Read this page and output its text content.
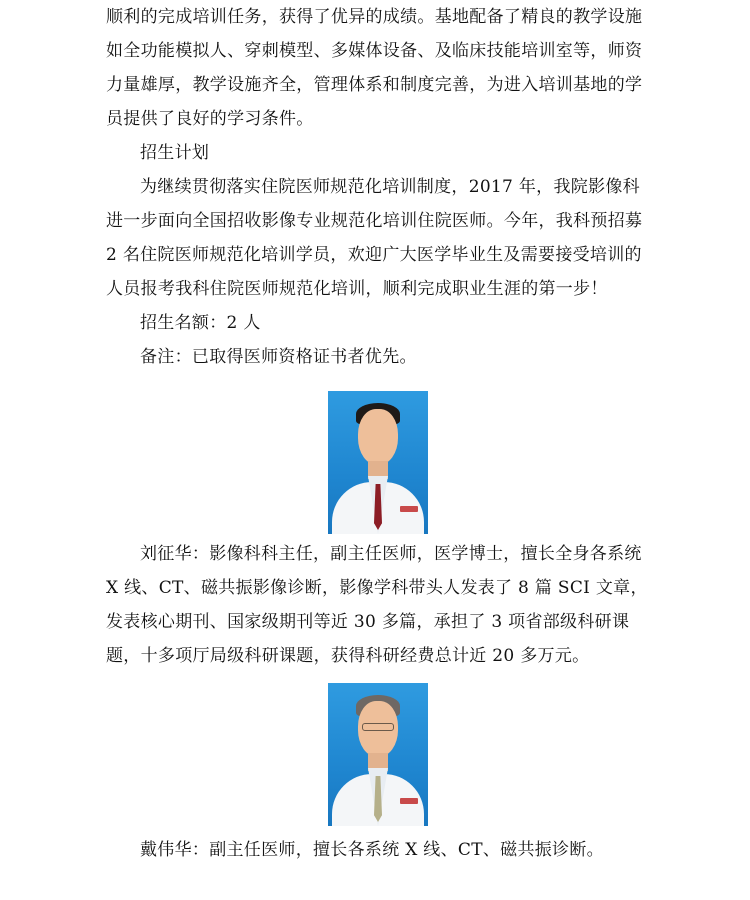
顺利的完成培训任务，获得了优异的成绩。基地配备了精良的教学设施如全功能模拟人、穿刺模型、多媒体设备、及临床技能培训室等，师资力量雄厚，教学设施齐全，管理体系和制度完善，为进入培训基地的学员提供了良好的学习条件。

招生计划

为继续贯彻落实住院医师规范化培训制度，2017 年，我院影像科进一步面向全国招收影像专业规范化培训住院医师。今年，我科预招募 2 名住院医师规范化培训学员，欢迎广大医学毕业生及需要接受培训的人员报考我科住院医师规范化培训，顺利完成职业生涯的第一步！

招生名额：2 人

备注：已取得医师资格证书者优先。

刘征华：影像科科主任，副主任医师，医学博士，擅长全身各系统 X 线、CT、磁共振影像诊断，影像学科带头人发表了 8 篇 SCI 文章，发表核心期刊、国家级期刊等近 30 多篇，承担了 3 项省部级科研课题，十多项厅局级科研课题，获得科研经费总计近 20 多万元。

戴伟华：副主任医师，擅长各系统 X 线、CT、磁共振诊断。
